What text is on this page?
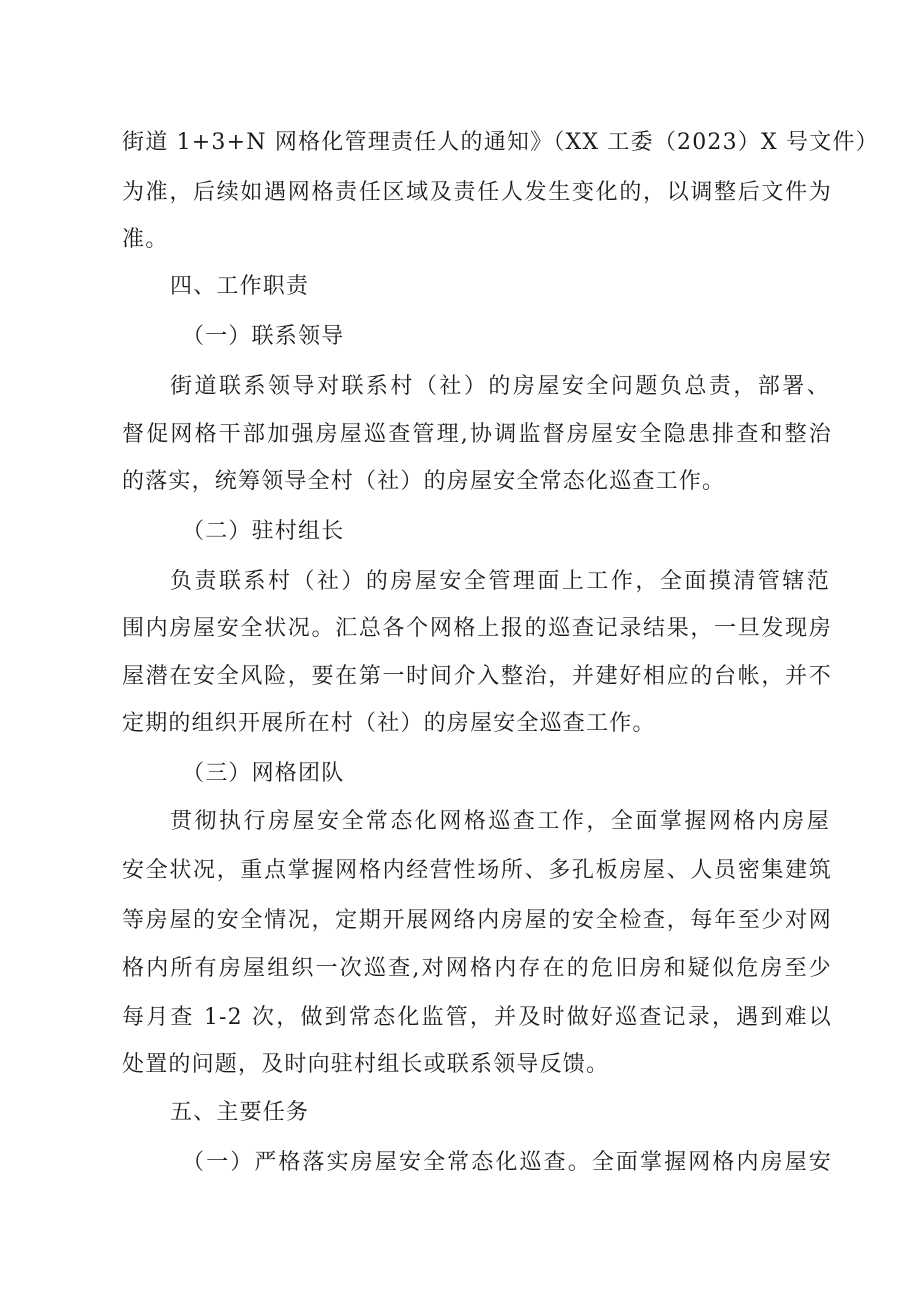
街道 1+3+N 网格化管理责任人的通知》（XX 工委（2023）X 号文件）
为准，后续如遇网格责任区域及责任人发生变化的，以调整后文件为
准。
四、工作职责
（一）联系领导
街道联系领导对联系村（社）的房屋安全问题负总责，部署、
督促网格干部加强房屋巡查管理,协调监督房屋安全隐患排查和整治
的落实，统筹领导全村（社）的房屋安全常态化巡查工作。
（二）驻村组长
负责联系村（社）的房屋安全管理面上工作，全面摸清管辖范
围内房屋安全状况。汇总各个网格上报的巡查记录结果，一旦发现房
屋潜在安全风险，要在第一时间介入整治，并建好相应的台帐，并不
定期的组织开展所在村（社）的房屋安全巡查工作。
（三）网格团队
贯彻执行房屋安全常态化网格巡查工作，全面掌握网格内房屋
安全状况，重点掌握网格内经营性场所、多孔板房屋、人员密集建筑
等房屋的安全情况，定期开展网络内房屋的安全检查，每年至少对网
格内所有房屋组织一次巡查,对网格内存在的危旧房和疑似危房至少
每月查 1-2 次，做到常态化监管，并及时做好巡查记录，遇到难以
处置的问题，及时向驻村组长或联系领导反馈。
五、主要任务
（一）严格落实房屋安全常态化巡查。全面掌握网格内房屋安
